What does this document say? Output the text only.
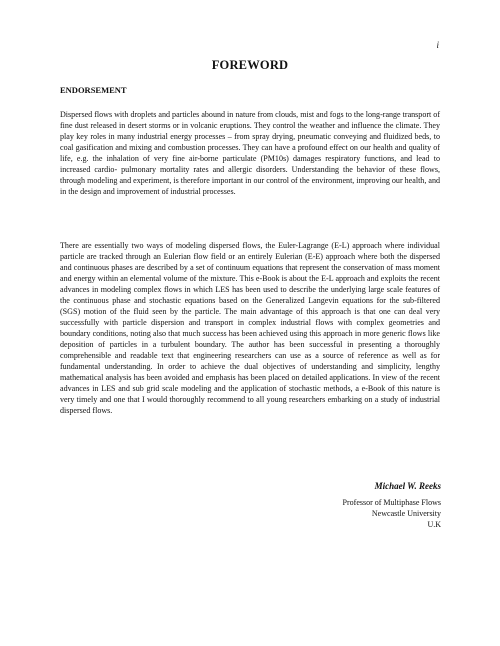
i
FOREWORD
ENDORSEMENT

Dispersed flows with droplets and particles abound in nature from clouds, mist and fogs to the long-range transport of fine dust released in desert storms or in volcanic eruptions. They control the weather and influence the climate. They play key roles in many industrial energy processes – from spray drying, pneumatic conveying and fluidized beds, to coal gasification and mixing and combustion processes. They can have a profound effect on our health and quality of life, e.g. the inhalation of very fine air-borne particulate (PM10s) damages respiratory functions, and lead to increased cardio- pulmonary mortality rates and allergic disorders. Understanding the behavior of these flows, through modeling and experiment, is therefore important in our control of the environment, improving our health, and in the design and improvement of industrial processes.

There are essentially two ways of modeling dispersed flows, the Euler-Lagrange (E-L) approach where individual particle are tracked through an Eulerian flow field or an entirely Eulerian (E-E) approach where both the dispersed and continuous phases are described by a set of continuum equations that represent the conservation of mass moment and energy within an elemental volume of the mixture. This e-Book is about the E-L approach and exploits the recent advances in modeling complex flows in which LES has been used to describe the underlying large scale features of the continuous phase and stochastic equations based on the Generalized Langevin equations for the sub-filtered (SGS) motion of the fluid seen by the particle. The main advantage of this approach is that one can deal very successfully with particle dispersion and transport in complex industrial flows with complex geometries and boundary conditions, noting also that much success has been achieved using this approach in more generic flows like deposition of particles in a turbulent boundary. The author has been successful in presenting a thoroughly comprehensible and readable text that engineering researchers can use as a source of reference as well as for fundamental understanding. In order to achieve the dual objectives of understanding and simplicity, lengthy mathematical analysis has been avoided and emphasis has been placed on detailed applications. In view of the recent advances in LES and sub grid scale modeling and the application of stochastic methods, a e-Book of this nature is very timely and one that I would thoroughly recommend to all young researchers embarking on a study of industrial dispersed flows.

Michael W. Reeks
Professor of Multiphase Flows
Newcastle University
U.K
